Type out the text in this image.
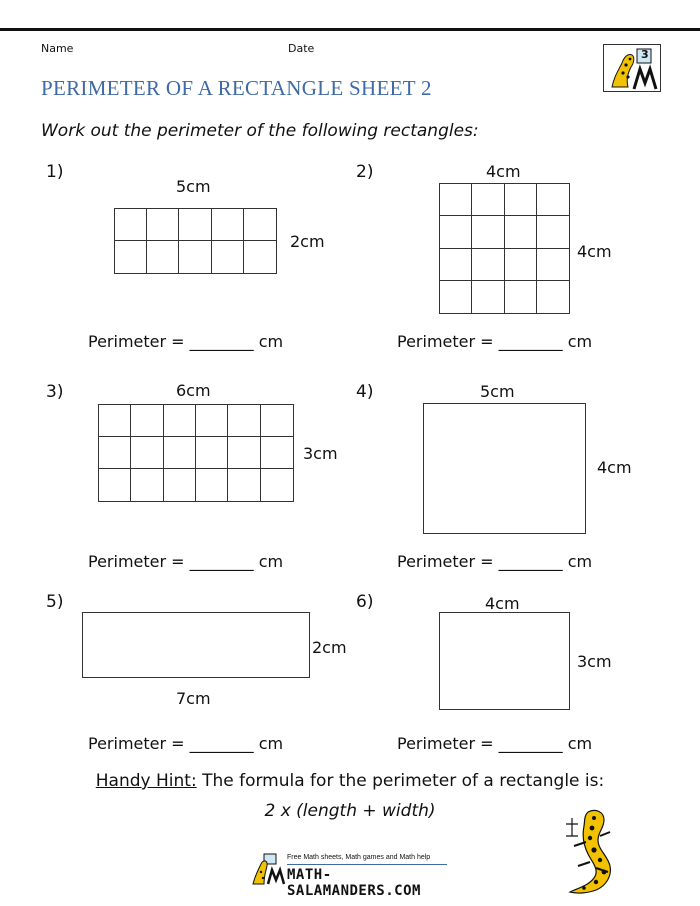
Name	Date	3
PERIMETER OF A RECTANGLE SHEET 2
Work out the perimeter of the following rectangles:
1)
5cm
2cm
Perimeter = ________ cm
2)	4cm
4cm
Perimeter = ________ cm
3)	6cm
3cm
Perimeter = ________ cm
4)	5cm
4cm
Perimeter = ________ cm
5)
2cm
7cm
Perimeter = ________ cm
6)	4cm
3cm
Perimeter = ________ cm
Handy Hint: The formula for the perimeter of a rectangle is:
2 x (length + width)
Free Math sheets, Math games and Math help
MATH-SALAMANDERS.COM
